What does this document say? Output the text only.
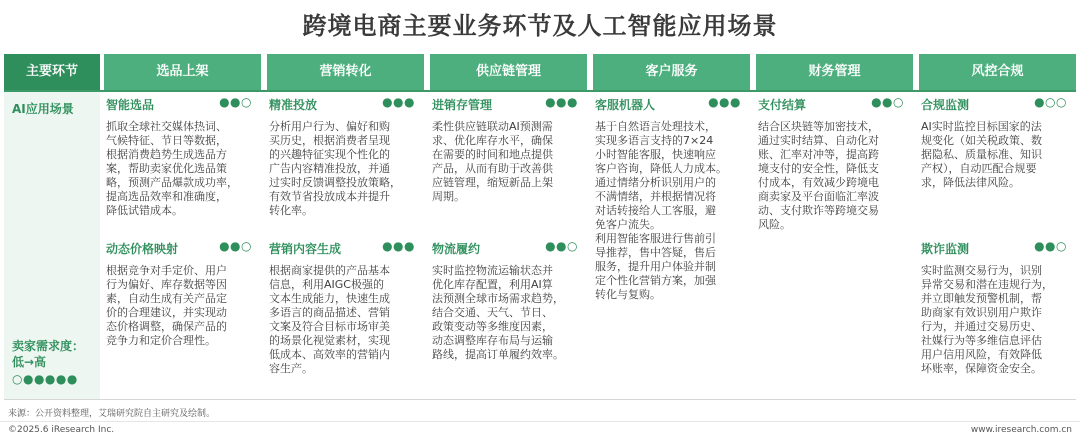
跨境电商主要业务环节及人工智能应用场景
主要环节	选品上架	营销转化	供应链管理	客户服务	财务管理	风控合规
AI应用场景
卖家需求度：
低→高
○●●●●●
智能选品	●●○
抓取全球社交媒体热词、
气候特征、节日等数据，
根据消费趋势生成选品方
案，帮助卖家优化选品策
略，预测产品爆款成功率，
提高选品效率和准确度，
降低试错成本。
动态价格映射	●●○
根据竞争对手定价、用户
行为偏好、库存数据等因
素，自动生成有关产品定
价的合理建议，并实现动
态价格调整，确保产品的
竞争力和定价合理性。
精准投放	●●●
分析用户行为、偏好和购
买历史，根据消费者呈现
的兴趣特征实现个性化的
广告内容精准投放，并通
过实时反馈调整投放策略，
有效节省投放成本并提升
转化率。
营销内容生成	●●●
根据商家提供的产品基本
信息，利用AIGC极强的
文本生成能力，快速生成
多语言的商品描述、营销
文案及符合目标市场审美
的场景化视觉素材，实现
低成本、高效率的营销内
容生产。
进销存管理	●●●
柔性供应链联动AI预测需
求、优化库存水平，确保
在需要的时间和地点提供
产品，从而有助于改善供
应链管理，缩短新品上架
周期。
物流履约	●●○
实时监控物流运输状态并
优化库存配置，利用AI算
法预测全球市场需求趋势，
结合交通、天气、节日、
政策变动等多维度因素，
动态调整库存布局与运输
路线，提高订单履约效率。
客服机器人	●●●
基于自然语言处理技术，
实现多语言支持的7×24
小时智能客服，快速响应
客户咨询，降低人力成本。
通过情绪分析识别用户的
不满情绪，并根据情况将
对话转接给人工客服，避
免客户流失。
利用智能客服进行售前引
导推荐，售中答疑，售后
服务，提升用户体验并制
定个性化营销方案，加强
转化与复购。
支付结算	●●○
结合区块链等加密技术，
通过实时结算、自动化对
账、汇率对冲等，提高跨
境支付的安全性，降低支
付成本，有效减少跨境电
商卖家及平台面临汇率波
动、支付欺诈等跨境交易
风险。
合规监测	●○○
AI实时监控目标国家的法
规变化（如关税政策、数
据隐私、质量标准、知识
产权），自动匹配合规要
求，降低法律风险。
欺诈监测	●●○
实时监测交易行为，识别
异常交易和潜在违规行为，
并立即触发预警机制，帮
助商家有效识别用户欺诈
行为，并通过交易历史、
社媒行为等多维信息评估
用户信用风险，有效降低
坏账率，保障资金安全。
来源：公开资料整理，艾瑞研究院自主研究及绘制。
©2025.6 iResearch Inc.	www.iresearch.com.cn
